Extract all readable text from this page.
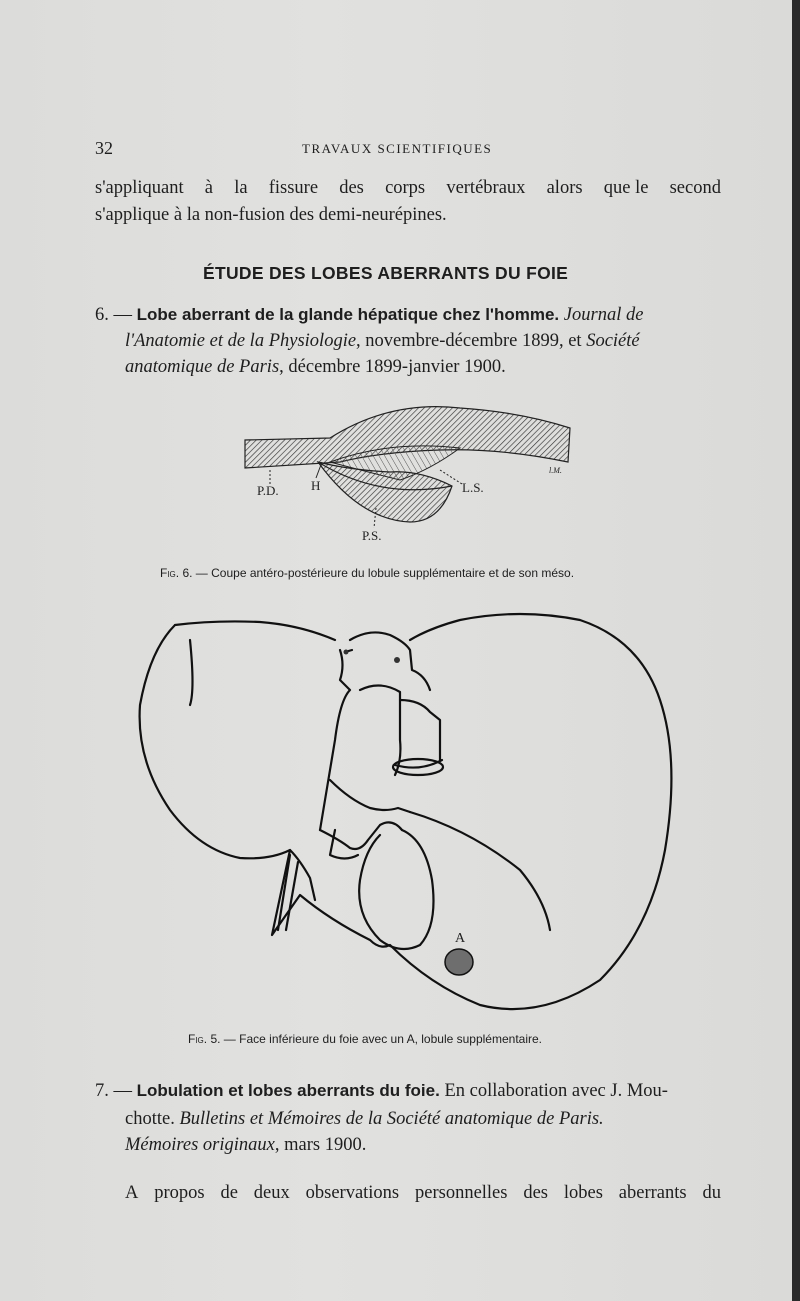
32	TRAVAUX SCIENTIFIQUES
s'appliquant à la fissure des corps vertébraux alors que le second
s'applique à la non-fusion des demi-neurépines.
ÉTUDE DES LOBES ABERRANTS DU FOIE
6. — Lobe aberrant de la glande hépatique chez l'homme. Journal de
l'Anatomie et de la Physiologie, novembre-décembre 1899, et Société
anatomique de Paris, décembre 1899-janvier 1900.
P.D. H	L.S.
P.S.
l.M.
Fig. 6. — Coupe antéro-postérieure du lobule supplémentaire et de son méso.
A
Fig. 5. — Face inférieure du foie avec un A, lobule supplémentaire.
7. — Lobulation et lobes aberrants du foie. En collaboration avec J. Mou-
chotte. Bulletins et Mémoires de la Société anatomique de Paris.
Mémoires originaux, mars 1900.
A propos de deux observations personnelles des lobes aberrants du
